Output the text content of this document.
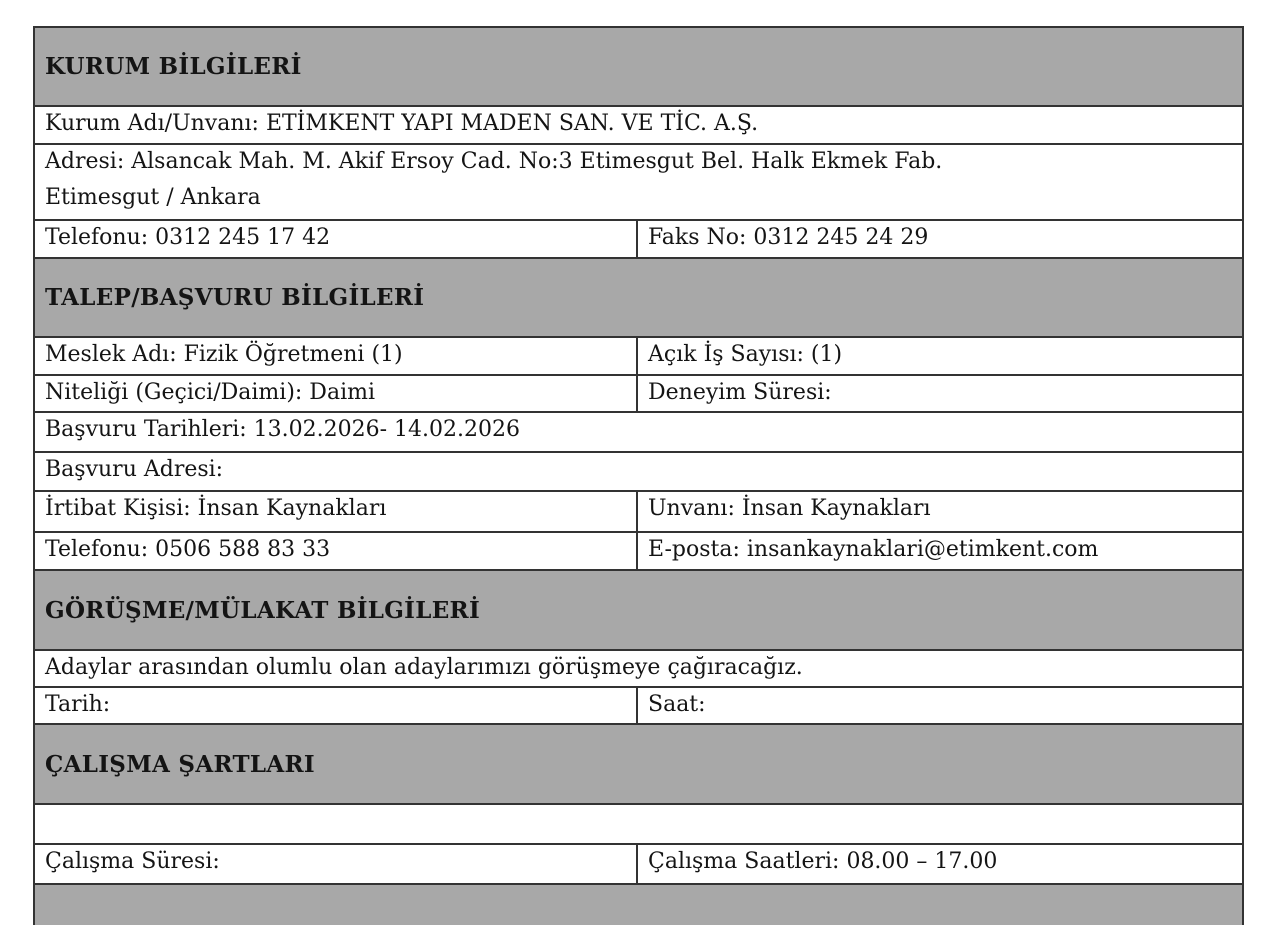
KURUM BİLGİLERİ
Kurum Adı/Unvanı: ETİMKENT YAPI MADEN SAN. VE TİC. A.Ş.
Adresi: Alsancak Mah. M. Akif Ersoy Cad. No:3 Etimesgut Bel. Halk Ekmek Fab.
Etimesgut / Ankara
Telefonu: 0312 245 17 42	Faks No: 0312 245 24 29
TALEP/BAŞVURU BİLGİLERİ
Meslek Adı: Fizik Öğretmeni (1)	Açık İş Sayısı: (1)
Niteliği (Geçici/Daimi): Daimi	Deneyim Süresi:
Başvuru Tarihleri: 13.02.2026- 14.02.2026
Başvuru Adresi:
İrtibat Kişisi: İnsan Kaynakları	Unvanı: İnsan Kaynakları
Telefonu: 0506 588 83 33	E-posta: insankaynaklari@etimkent.com
GÖRÜŞME/MÜLAKAT BİLGİLERİ
Adaylar arasından olumlu olan adaylarımızı görüşmeye çağıracağız.
Tarih:	Saat:
ÇALIŞMA ŞARTLARI
Çalışma Süresi:	Çalışma Saatleri: 08.00 – 17.00
